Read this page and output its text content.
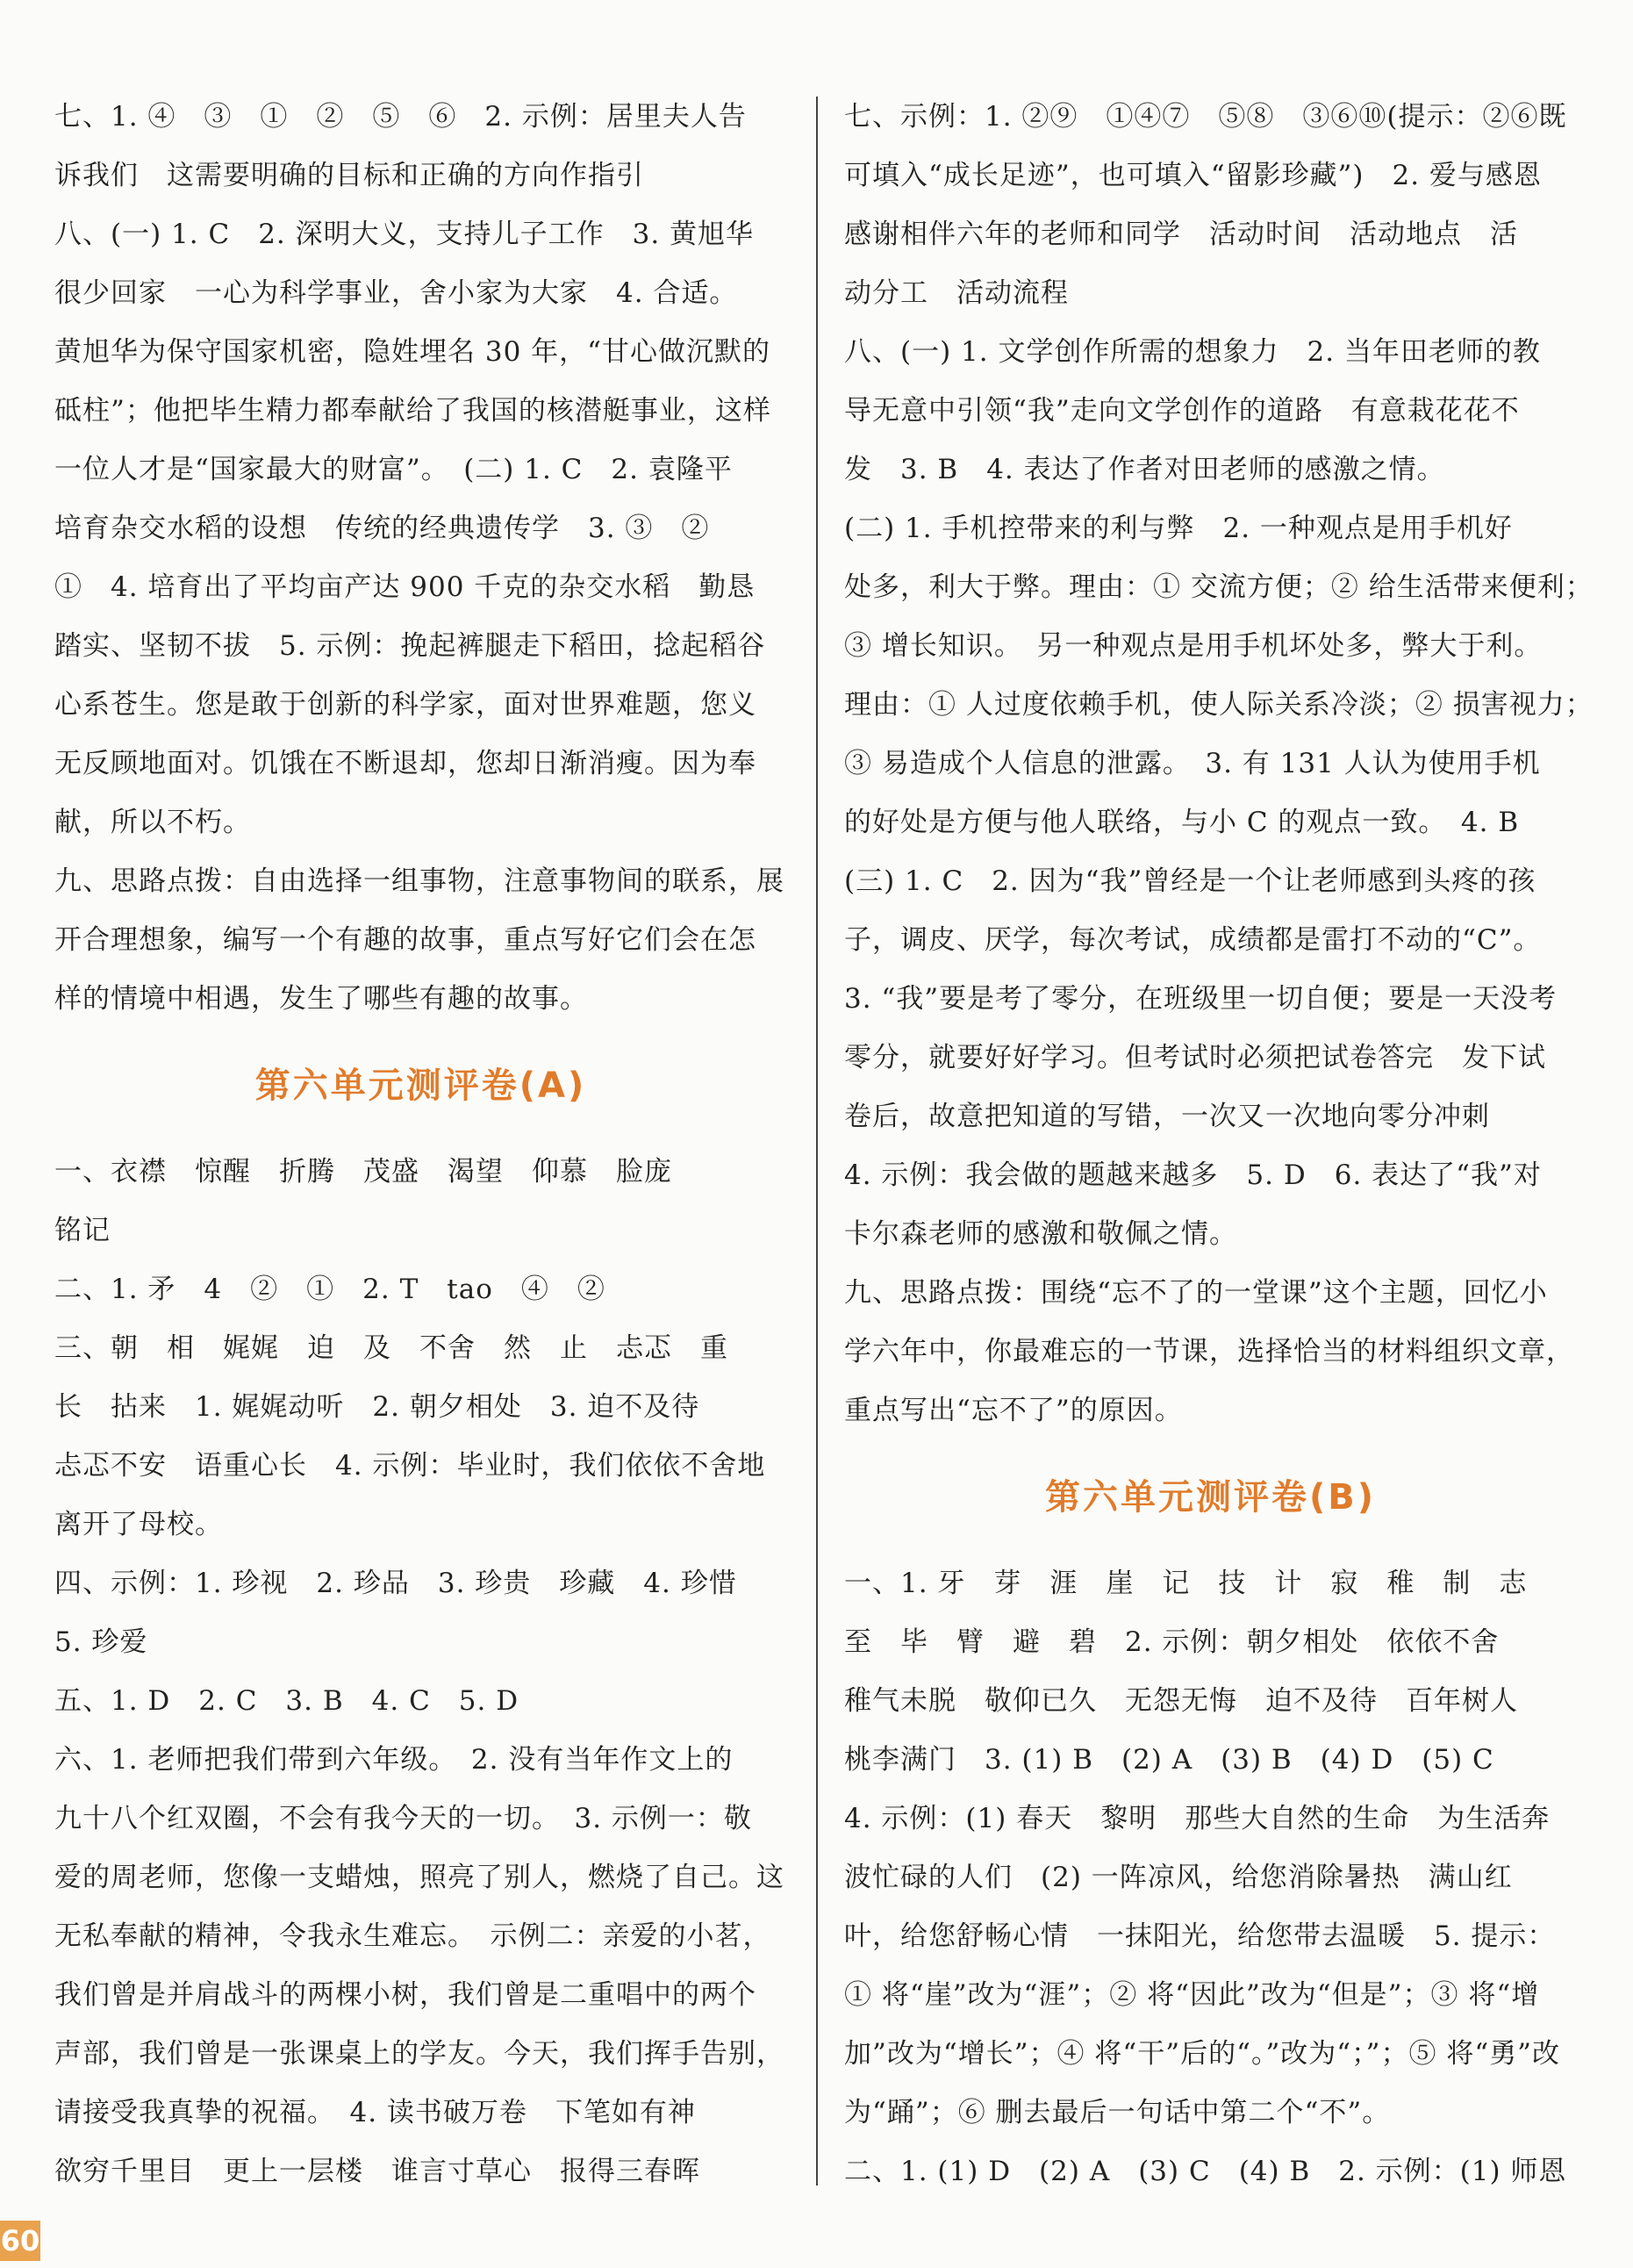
七、1. ④　③　①　②　⑤　⑥　2. 示例：居里夫人告
诉我们　这需要明确的目标和正确的方向作指引
八、(一) 1. C　2. 深明大义，支持儿子工作　3. 黄旭华
很少回家　一心为科学事业，舍小家为大家　4. 合适。
黄旭华为保守国家机密，隐姓埋名 30 年，“甘心做沉默的
砥柱”；他把毕生精力都奉献给了我国的核潜艇事业，这样
一位人才是“国家最大的财富”。　(二) 1. C　2. 袁隆平
培育杂交水稻的设想　传统的经典遗传学　3. ③　②
①　4. 培育出了平均亩产达 900 千克的杂交水稻　勤恳
踏实、坚韧不拔　5. 示例：挽起裤腿走下稻田，捻起稻谷
心系苍生。您是敢于创新的科学家，面对世界难题，您义
无反顾地面对。饥饿在不断退却，您却日渐消瘦。因为奉
献，所以不朽。
九、思路点拨：自由选择一组事物，注意事物间的联系，展
开合理想象，编写一个有趣的故事，重点写好它们会在怎
样的情境中相遇，发生了哪些有趣的故事。
第六单元测评卷(A)
一、衣襟　惊醒　折腾　茂盛　渴望　仰慕　脸庞
铭记
二、1. 矛　4　②　①　2. T　tao　④　②
三、朝　相　娓娓　迫　及　不舍　然　止　忐忑　重
长　拈来　1. 娓娓动听　2. 朝夕相处　3. 迫不及待
忐忑不安　语重心长　4. 示例：毕业时，我们依依不舍地
离开了母校。
四、示例：1. 珍视　2. 珍品　3. 珍贵　珍藏　4. 珍惜
5. 珍爱
五、1. D　2. C　3. B　4. C　5. D
六、1. 老师把我们带到六年级。　2. 没有当年作文上的
九十八个红双圈，不会有我今天的一切。　3. 示例一：敬
爱的周老师，您像一支蜡烛，照亮了别人，燃烧了自己。这
无私奉献的精神，令我永生难忘。　示例二：亲爱的小茗，
我们曾是并肩战斗的两棵小树，我们曾是二重唱中的两个
声部，我们曾是一张课桌上的学友。今天，我们挥手告别，
请接受我真挚的祝福。　4. 读书破万卷　下笔如有神
欲穷千里目　更上一层楼　谁言寸草心　报得三春晖
七、示例：1. ②⑨　①④⑦　⑤⑧　③⑥⑩(提示：②⑥既
可填入“成长足迹”，也可填入“留影珍藏”)　2. 爱与感恩
感谢相伴六年的老师和同学　活动时间　活动地点　活
动分工　活动流程
八、(一) 1. 文学创作所需的想象力　2. 当年田老师的教
导无意中引领“我”走向文学创作的道路　有意栽花花不
发　3. B　4. 表达了作者对田老师的感激之情。
(二) 1. 手机控带来的利与弊　2. 一种观点是用手机好
处多，利大于弊。理由：① 交流方便；② 给生活带来便利；
③ 增长知识。　另一种观点是用手机坏处多，弊大于利。
理由：① 人过度依赖手机，使人际关系冷淡；② 损害视力；
③ 易造成个人信息的泄露。　3. 有 131 人认为使用手机
的好处是方便与他人联络，与小 C 的观点一致。　4. B
(三) 1. C　2. 因为“我”曾经是一个让老师感到头疼的孩
子，调皮、厌学，每次考试，成绩都是雷打不动的“C”。
3. “我”要是考了零分，在班级里一切自便；要是一天没考
零分，就要好好学习。但考试时必须把试卷答完　发下试
卷后，故意把知道的写错，一次又一次地向零分冲刺
4. 示例：我会做的题越来越多　5. D　6. 表达了“我”对
卡尔森老师的感激和敬佩之情。
九、思路点拨：围绕“忘不了的一堂课”这个主题，回忆小
学六年中，你最难忘的一节课，选择恰当的材料组织文章，
重点写出“忘不了”的原因。
第六单元测评卷(B)
一、1. 牙　芽　涯　崖　记　技　计　寂　稚　制　志
至　毕　臂　避　碧　2. 示例：朝夕相处　依依不舍
稚气未脱　敬仰已久　无怨无悔　迫不及待　百年树人
桃李满门　3. (1) B　(2) A　(3) B　(4) D　(5) C
4. 示例：(1) 春天　黎明　那些大自然的生命　为生活奔
波忙碌的人们　(2) 一阵凉风，给您消除暑热　满山红
叶，给您舒畅心情　一抹阳光，给您带去温暖　5. 提示：
① 将“崖”改为“涯”；② 将“因此”改为“但是”；③ 将“增
加”改为“增长”；④ 将“干”后的“。”改为“；”；⑤ 将“勇”改
为“踊”；⑥ 删去最后一句话中第二个“不”。
二、1. (1) D　(2) A　(3) C　(4) B　2. 示例：(1) 师恩
60
